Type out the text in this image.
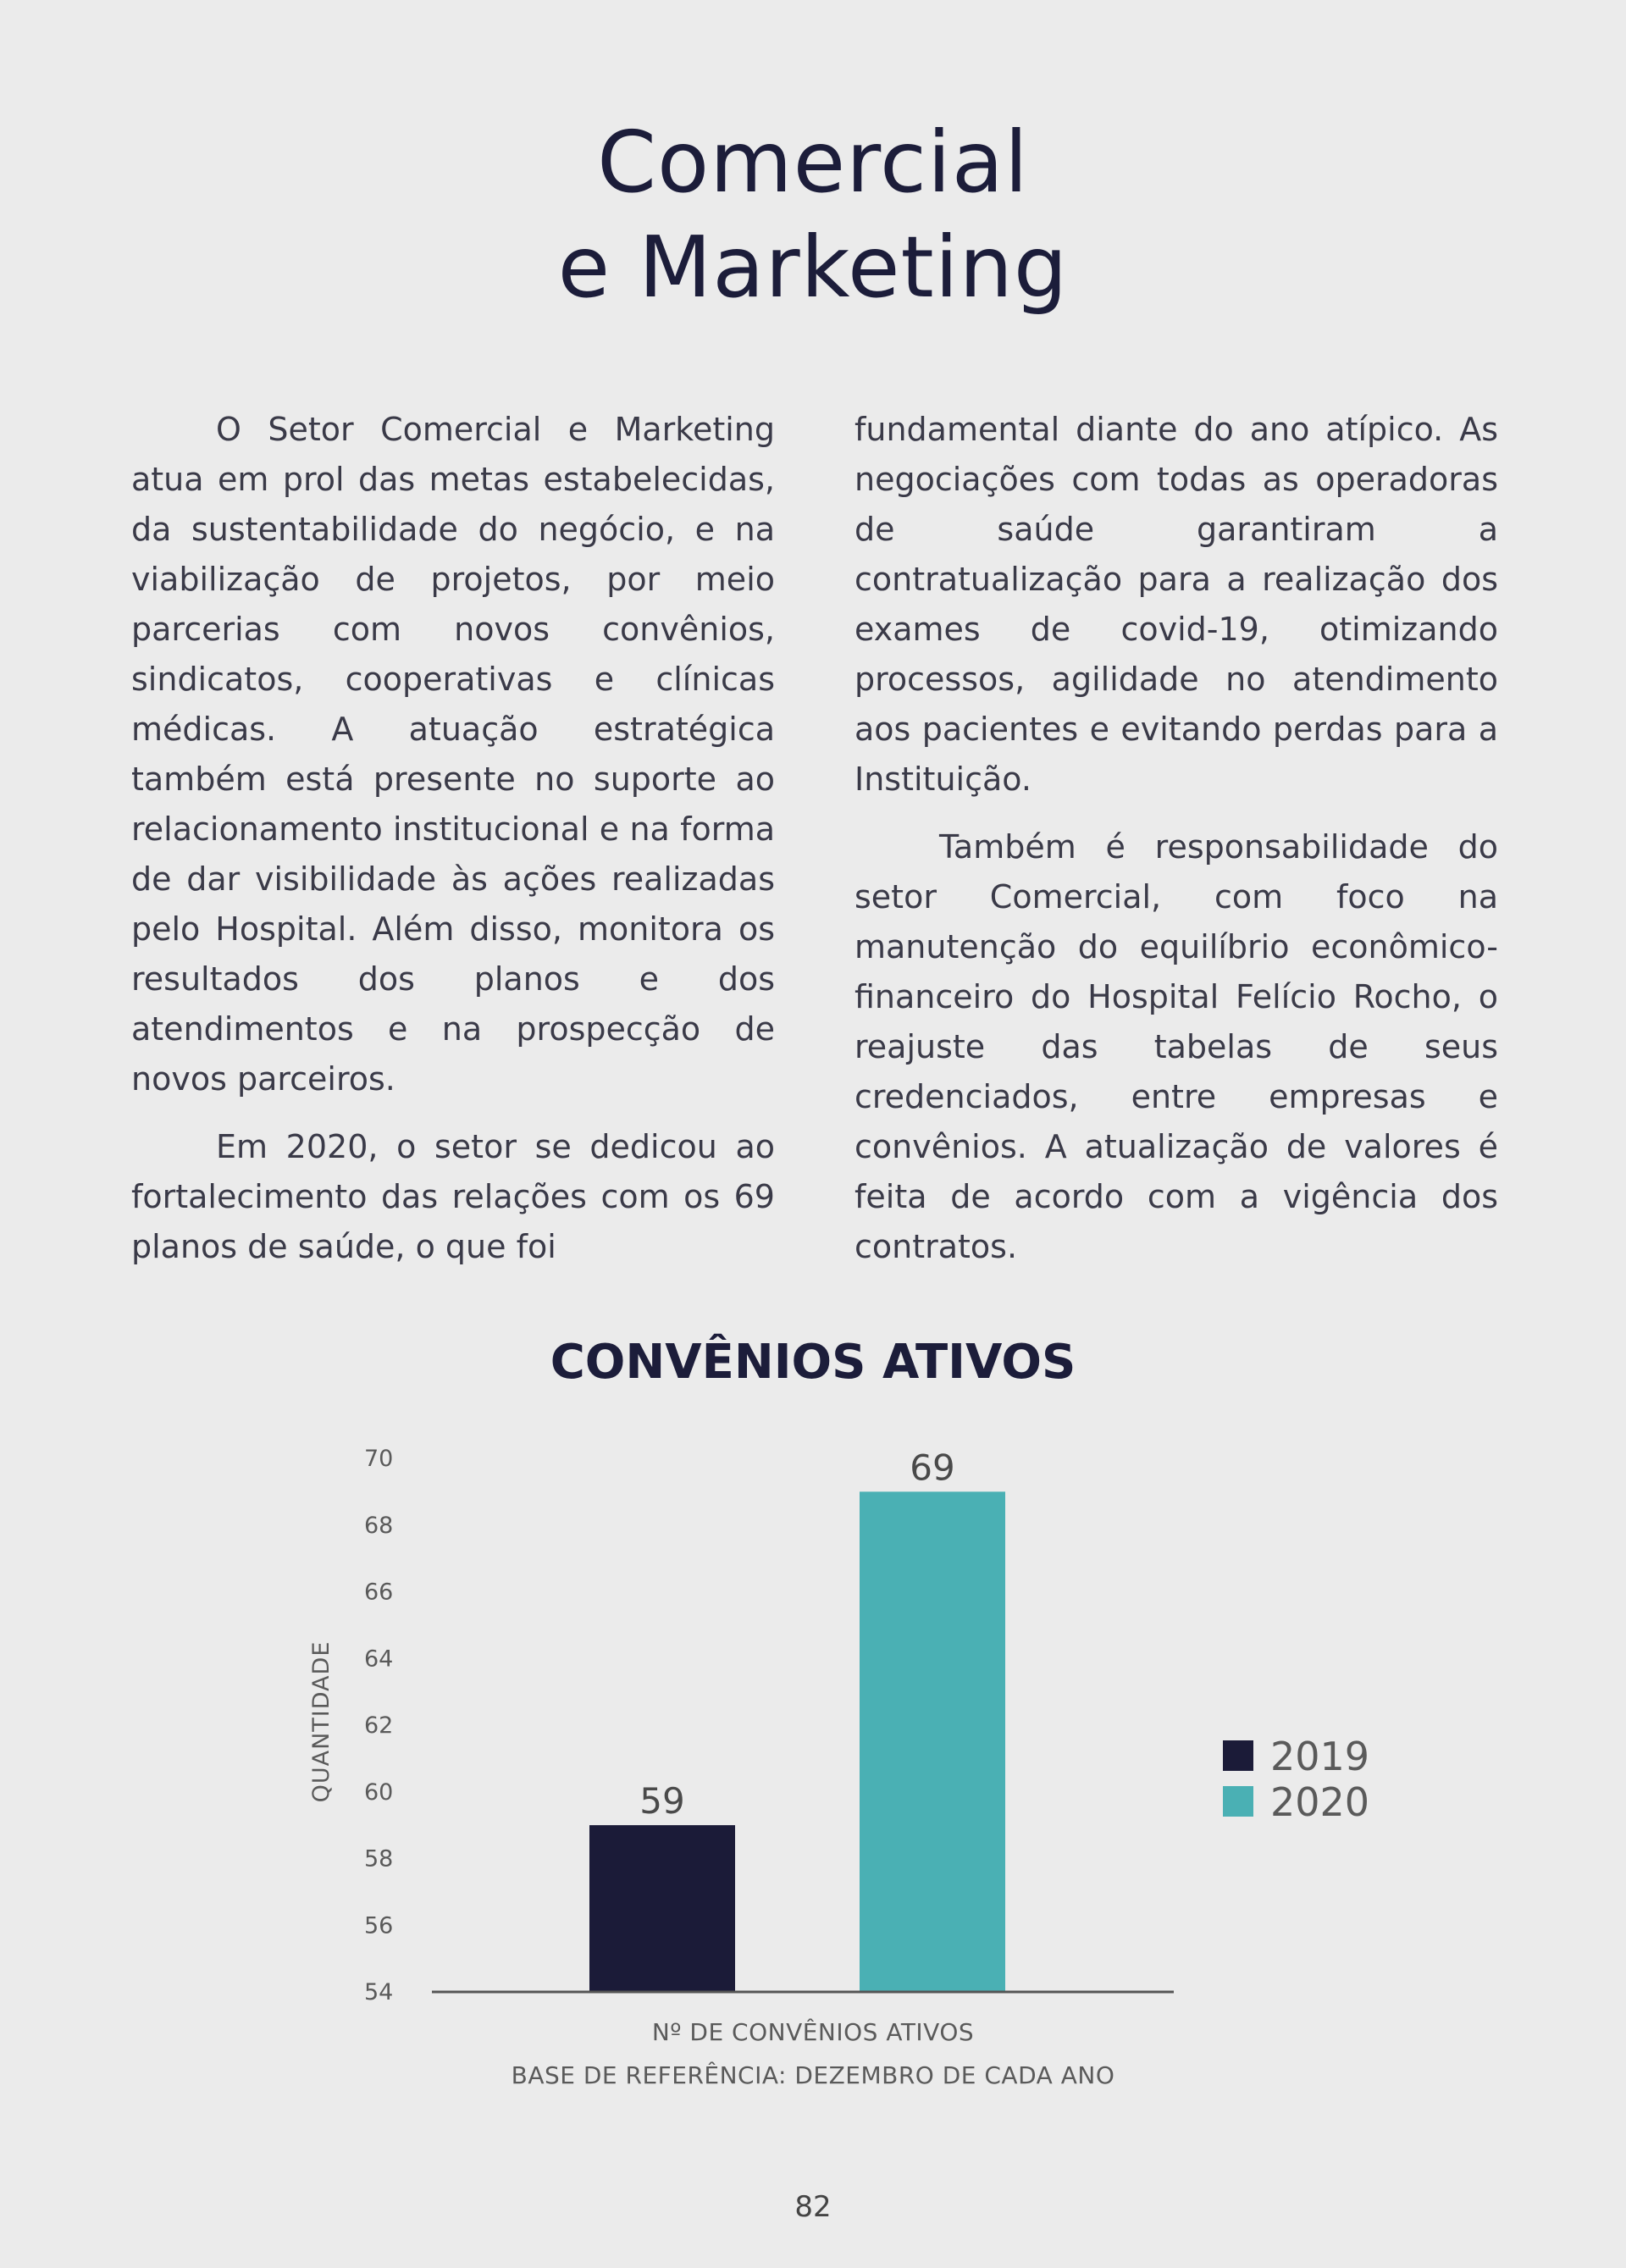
Comercial
e Marketing

O Setor Comercial e Marketing atua em prol das metas estabelecidas, da sustentabilidade do negócio, e na viabilização de projetos, por meio parcerias com novos convênios, sindicatos, cooperativas e clínicas médicas. A atuação estratégica também está presente no suporte ao relacionamento institucional e na forma de dar visibilidade às ações realizadas pelo Hospital. Além disso, monitora os resultados dos planos e dos atendimentos e na prospecção de novos parceiros.

Em 2020, o setor se dedicou ao fortalecimento das relações com os 69 planos de saúde, o que foi

fundamental diante do ano atípico. As negociações com todas as operadoras de saúde garantiram a contratualização para a realização dos exames de covid-19, otimizando processos, agilidade no atendimento aos pacientes e evitando perdas para a Instituição.

Também é responsabilidade do setor Comercial, com foco na manutenção do equilíbrio econômico-financeiro do Hospital Felício Rocho, o reajuste das tabelas de seus credenciados, entre empresas e convênios. A atualização de valores é feita de acordo com a vigência dos contratos.

CONVÊNIOS ATIVOS
54
56
58
60
62
64
66
68
70
QUANTIDADE	59
69
2019
2020
Nº DE CONVÊNIOS ATIVOS
BASE DE REFERÊNCIA: DEZEMBRO DE CADA ANO
82
